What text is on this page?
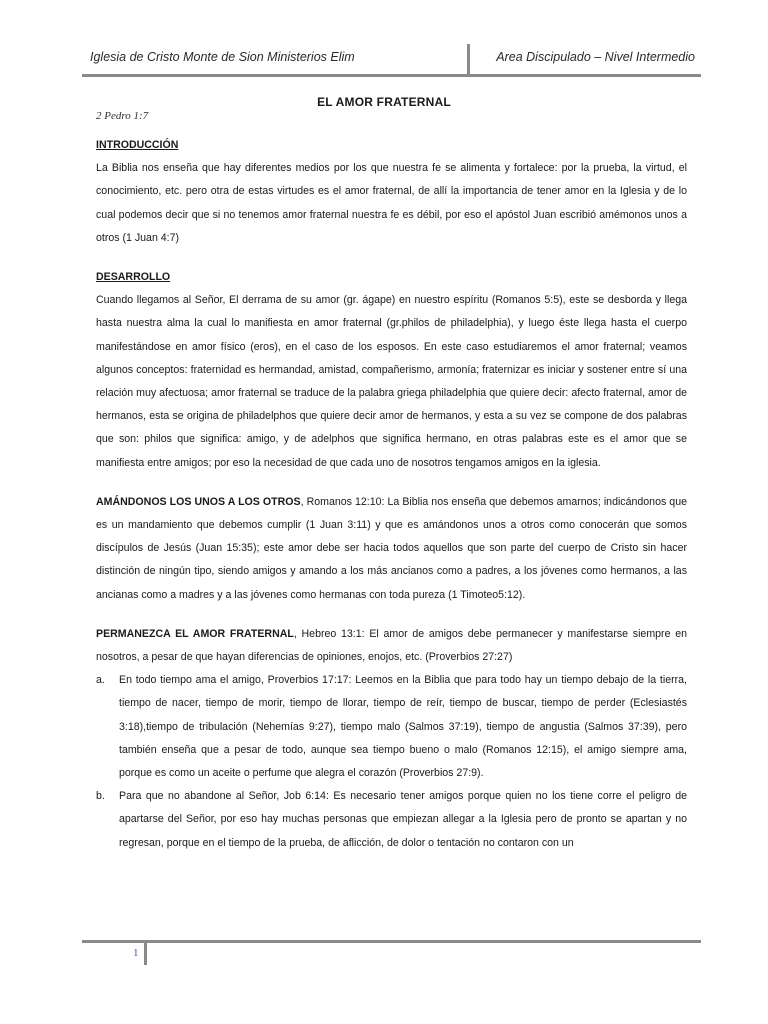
Iglesia de Cristo Monte de Sion Ministerios Elim	Area Discipulado – Nivel Intermedio
EL AMOR FRATERNAL
2 Pedro 1:7

INTRODUCCIÓN

La Biblia nos enseña que hay diferentes medios por los que nuestra fe se alimenta y fortalece: por la prueba, la virtud, el conocimiento, etc. pero otra de estas virtudes es el amor fraternal, de allí la importancia de tener amor en la Iglesia y de lo cual podemos decir que si no tenemos amor fraternal nuestra fe es débil, por eso el apóstol Juan escribió amémonos unos a otros (1 Juan 4:7)

DESARROLLO

Cuando llegamos al Señor, El derrama de su amor (gr. ágape) en nuestro espíritu (Romanos 5:5), este se desborda y llega hasta nuestra alma la cual lo manifiesta en amor fraternal (gr.philos de philadelphia), y luego éste llega hasta el cuerpo manifestándose en amor físico (eros), en el caso de los esposos. En este caso estudiaremos el amor fraternal; veamos algunos conceptos: fraternidad es hermandad, amistad, compañerismo, armonía; fraternizar es iniciar y sostener entre sí una relación muy afectuosa; amor fraternal se traduce de la palabra griega philadelphia que quiere decir: afecto fraternal, amor de hermanos, esta se origina de philadelphos que quiere decir amor de hermanos, y esta a su vez se compone de dos palabras que son: philos que significa: amigo, y de adelphos que significa hermano, en otras palabras este es el amor que se manifiesta entre amigos; por eso la necesidad de que cada uno de nosotros tengamos amigos en la iglesia.

AMÁNDONOS LOS UNOS A LOS OTROS, Romanos 12:10: La Biblia nos enseña que debemos amarnos; indicándonos que es un mandamiento que debemos cumplir (1 Juan 3:11) y que es amándonos unos a otros como conocerán que somos discípulos de Jesús (Juan 15:35); este amor debe ser hacia todos aquellos que son parte del cuerpo de Cristo sin hacer distinción de ningún tipo, siendo amigos y amando a los más ancianos como a padres, a los jóvenes como hermanos, a las ancianas como a madres y a las jóvenes como hermanas con toda pureza (1 Timoteo5:12).

PERMANEZCA EL AMOR FRATERNAL, Hebreo 13:1: El amor de amigos debe permanecer y manifestarse siempre en nosotros, a pesar de que hayan diferencias de opiniones, enojos, etc. (Proverbios 27:27)

a. En todo tiempo ama el amigo, Proverbios 17:17: Leemos en la Biblia que para todo hay un tiempo debajo de la tierra, tiempo de nacer, tiempo de morir, tiempo de llorar, tiempo de reír, tiempo de buscar, tiempo de perder (Eclesiastés 3:18),tiempo de tribulación (Nehemías 9:27), tiempo malo (Salmos 37:19), tiempo de angustia (Salmos 37:39), pero también enseña que a pesar de todo, aunque sea tiempo bueno o malo (Romanos 12:15), el amigo siempre ama, porque es como un aceite o perfume que alegra el corazón (Proverbios 27:9).
b. Para que no abandone al Señor, Job 6:14: Es necesario tener amigos porque quien no los tiene corre el peligro de apartarse del Señor, por eso hay muchas personas que empiezan allegar a la Iglesia pero de pronto se apartan y no regresan, porque en el tiempo de la prueba, de aflicción, de dolor o tentación no contaron con un
1
